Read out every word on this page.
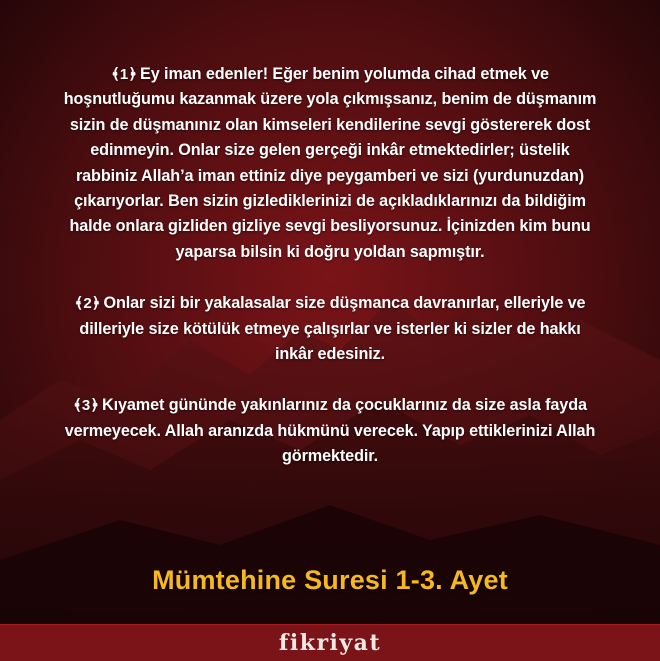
﴾1﴿ Ey iman edenler! Eğer benim yolumda cihad etmek ve hoşnutluğumu kazanmak üzere yola çıkmışsanız, benim de düşmanım sizin de düşmanınız olan kimseleri kendilerine sevgi göstererek dost edinmeyin. Onlar size gelen gerçeği inkâr etmektedirler; üstelik rabbiniz Allah’a iman ettiniz diye peygamberi ve sizi (yurdunuzdan) çıkarıyorlar. Ben sizin gizlediklerinizi de açıkladıklarınızı da bildiğim halde onlara gizliden gizliye sevgi besliyorsunuz. İçinizden kim bunu yaparsa bilsin ki doğru yoldan sapmıştır.

﴾2﴿ Onlar sizi bir yakalasalar size düşmanca davranırlar, elleriyle ve dilleriyle size kötülük etmeye çalışırlar ve isterler ki sizler de hakkı inkâr edesiniz.

﴾3﴿ Kıyamet gününde yakınlarınız da çocuklarınız da size asla fayda vermeyecek. Allah aranızda hükmünü verecek. Yapıp ettiklerinizi Allah görmektedir.

Mümtehine Suresi 1-3. Ayet
fikriyat
